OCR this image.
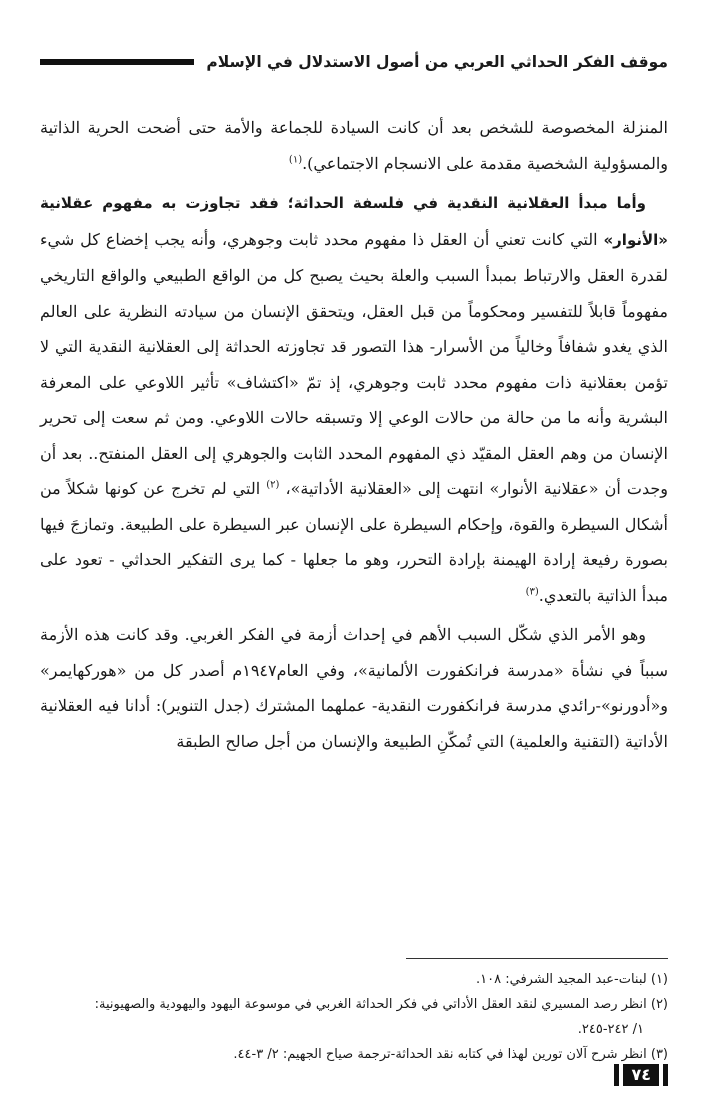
موقف الفكر الحداثي العربي من أصول الاستدلال في الإسلام

المنزلة المخصوصة للشخص بعد أن كانت السيادة للجماعة والأمة حتى أضحت الحرية الذاتية والمسؤولية الشخصية مقدمة على الانسجام الاجتماعي).$^{(١)}$

وأما مبدأ العقلانية النقدية في فلسفة الحداثة؛ فقد تجاوزت به مفهوم عقلانية «الأنوار» التي كانت تعني أن العقل ذا مفهوم محدد ثابت وجوهري، وأنه يجب إخضاع كل شيء لقدرة العقل والارتباط بمبدأ السبب والعلة بحيث يصبح كل من الواقع الطبيعي والواقع التاريخي مفهوماً قابلاً للتفسير ومحكوماً من قبل العقل، ويتحقق الإنسان من سيادته النظرية على العالم الذي يغدو شفافاً وخالياً من الأسرار- هذا التصور قد تجاوزته الحداثة إلى العقلانية النقدية التي لا تؤمن بعقلانية ذات مفهوم محدد ثابت وجوهري، إذ تمّ «اكتشاف» تأثير اللاوعي على المعرفة البشرية وأنه ما من حالة من حالات الوعي إلا وتسبقه حالات اللاوعي. ومن ثم سعت إلى تحرير الإنسان من وهم العقل المقيّد ذي المفهوم المحدد الثابت والجوهري إلى العقل المنفتح.. بعد أن وجدت أن «عقلانية الأنوار» انتهت إلى «العقلانية الأداتية»، $^{(٢)}$ التي لم تخرج عن كونها شكلاً من أشكال السيطرة والقوة، وإحكام السيطرة على الإنسان عبر السيطرة على الطبيعة. وتمازجَ فيها بصورة رفيعة إرادة الهيمنة بإرادة التحرر، وهو ما جعلها - كما يرى التفكير الحداثي - تعود على مبدأ الذاتية بالتعدي.$^{(٣)}$

وهو الأمر الذي شكّل السبب الأهم في إحداث أزمة في الفكر الغربي. وقد كانت هذه الأزمة سبباً في نشأة «مدرسة فرانكفورت الألمانية»، وفي العام١٩٤٧م أصدر كل من «هوركهايمر» و«أدورنو»-رائدي مدرسة فرانكفورت النقدية- عملهما المشترك (جدل التنوير): أدانا فيه العقلانية الأداتية (التقنية والعلمية) التي تُمكّنِ الطبيعة والإنسان من أجل صالح الطبقة

(١) لبنات-عبد المجيد الشرفي: ١٠٨.

(٢) انظر رصد المسيري لنقد العقل الأداتي في فكر الحداثة الغربي في موسوعة اليهود واليهودية والصهيونية:

١/ ٢٤٢-٢٤٥.

(٣) انظر شرح آلان تورين لهذا في كتابه نقد الحداثة-ترجمة صياح الجهيم: ٢/ ٣-٤٤.

٧٤
